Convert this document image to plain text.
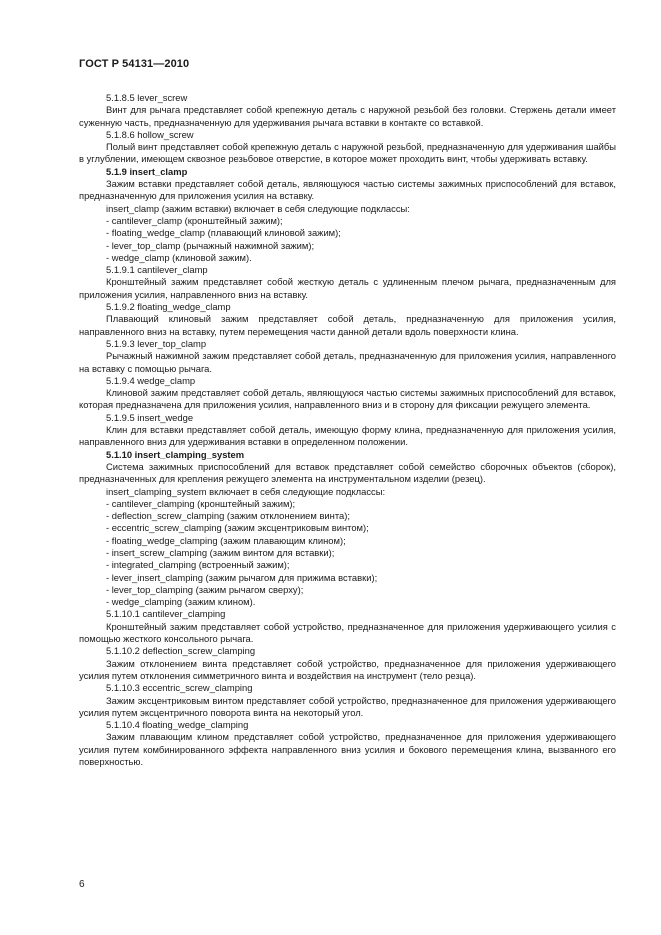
ГОСТ Р 54131—2010

5.1.8.5 lever_screw

Винт для рычага представляет собой крепежную деталь с наружной резьбой без головки. Стержень детали имеет суженную часть, предназначенную для удерживания рычага вставки в контакте со вставкой.

5.1.8.6 hollow_screw

Полый винт представляет собой крепежную деталь с наружной резьбой, предназначенную для удерживания шайбы в углублении, имеющем сквозное резьбовое отверстие, в которое может проходить винт, чтобы удерживать вставку.

5.1.9 insert_clamp

Зажим вставки представляет собой деталь, являющуюся частью системы зажимных приспособлений для вставок, предназначенную для приложения усилия на вставку.

insert_clamp (зажим вставки) включает в себя следующие подклассы:

- cantilever_clamp (кронштейный зажим);

- floating_wedge_clamp (плавающий клиновой зажим);

- lever_top_clamp (рычажный нажимной зажим);

- wedge_clamp (клиновой зажим).

5.1.9.1 cantilever_clamp

Кронштейный зажим представляет собой жесткую деталь с удлиненным плечом рычага, предназначенным для приложения усилия, направленного вниз на вставку.

5.1.9.2 floating_wedge_clamp

Плавающий клиновый зажим представляет собой деталь, предназначенную для приложения усилия, направленного вниз на вставку, путем перемещения части данной детали вдоль поверхности клина.

5.1.9.3 lever_top_clamp

Рычажный нажимной зажим представляет собой деталь, предназначенную для приложения усилия, направленного на вставку с помощью рычага.

5.1.9.4 wedge_clamp

Клиновой зажим представляет собой деталь, являющуюся частью системы зажимных приспособлений для вставок, которая предназначена для приложения усилия, направленного вниз и в сторону для фиксации режущего элемента.

5.1.9.5 insert_wedge

Клин для вставки представляет собой деталь, имеющую форму клина, предназначенную для приложения усилия, направленного вниз для удерживания вставки в определенном положении.

5.1.10 insert_clamping_system

Система зажимных приспособлений для вставок представляет собой семейство сборочных объектов (сборок), предназначенных для крепления режущего элемента на инструментальном изделии (резец).

insert_clamping_system включает в себя следующие подклассы:

- cantilever_clamping (кронштейный зажим);

- deflection_screw_clamping (зажим отклонением винта);

- eccentric_screw_clamping (зажим эксцентриковым винтом);

- floating_wedge_clamping (зажим плавающим клином);

- insert_screw_clamping (зажим винтом для вставки);

- integrated_clamping (встроенный зажим);

- lever_insert_clamping (зажим рычагом для прижима вставки);

- lever_top_clamping (зажим рычагом сверху);

- wedge_clamping (зажим клином).

5.1.10.1 cantilever_clamping

Кронштейный зажим представляет собой устройство, предназначенное для приложения удерживающего усилия с помощью жесткого консольного рычага.

5.1.10.2 deflection_screw_clamping

Зажим отклонением винта представляет собой устройство, предназначенное для приложения удерживающего усилия путем отклонения симметричного винта и воздействия на инструмент (тело резца).

5.1.10.3 eccentric_screw_clamping

Зажим эксцентриковым винтом представляет собой устройство, предназначенное для приложения удерживающего усилия путем эксцентричного поворота винта на некоторый угол.

5.1.10.4 floating_wedge_clamping

Зажим плавающим клином представляет собой устройство, предназначенное для приложения удерживающего усилия путем комбинированного эффекта направленного вниз усилия и бокового перемещения клина, вызванного его поверхностью.

6
